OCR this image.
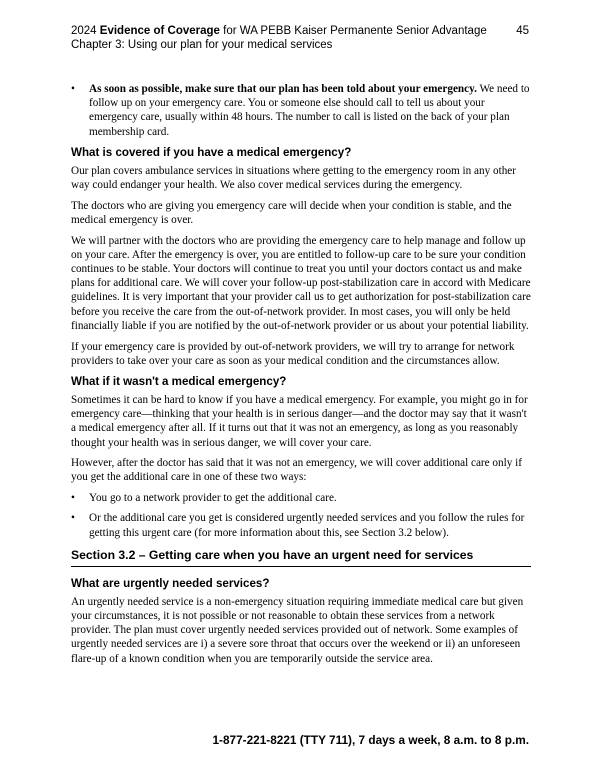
2024 Evidence of Coverage for WA PEBB Kaiser Permanente Senior Advantage
Chapter 3: Using our plan for your medical services
45
• As soon as possible, make sure that our plan has been told about your emergency. We need to follow up on your emergency care. You or someone else should call to tell us about your emergency care, usually within 48 hours. The number to call is listed on the back of your plan membership card.
What is covered if you have a medical emergency?

Our plan covers ambulance services in situations where getting to the emergency room in any other way could endanger your health. We also cover medical services during the emergency.

The doctors who are giving you emergency care will decide when your condition is stable, and the medical emergency is over.

We will partner with the doctors who are providing the emergency care to help manage and follow up on your care. After the emergency is over, you are entitled to follow-up care to be sure your condition continues to be stable. Your doctors will continue to treat you until your doctors contact us and make plans for additional care. We will cover your follow-up post-stabilization care in accord with Medicare guidelines. It is very important that your provider call us to get authorization for post-stabilization care before you receive the care from the out-of-network provider. In most cases, you will only be held financially liable if you are notified by the out-of-network provider or us about your potential liability.

If your emergency care is provided by out-of-network providers, we will try to arrange for network providers to take over your care as soon as your medical condition and the circumstances allow.

What if it wasn't a medical emergency?

Sometimes it can be hard to know if you have a medical emergency. For example, you might go in for emergency care—thinking that your health is in serious danger—and the doctor may say that it wasn't a medical emergency after all. If it turns out that it was not an emergency, as long as you reasonably thought your health was in serious danger, we will cover your care.

However, after the doctor has said that it was not an emergency, we will cover additional care only if you get the additional care in one of these two ways:

• You go to a network provider to get the additional care.
• Or the additional care you get is considered urgently needed services and you follow the rules for getting this urgent care (for more information about this, see Section 3.2 below).
Section 3.2 – Getting care when you have an urgent need for services
What are urgently needed services?

An urgently needed service is a non-emergency situation requiring immediate medical care but given your circumstances, it is not possible or not reasonable to obtain these services from a network provider. The plan must cover urgently needed services provided out of network. Some examples of urgently needed services are i) a severe sore throat that occurs over the weekend or ii) an unforeseen flare-up of a known condition when you are temporarily outside the service area.

1-877-221-8221 (TTY 711), 7 days a week, 8 a.m. to 8 p.m.
